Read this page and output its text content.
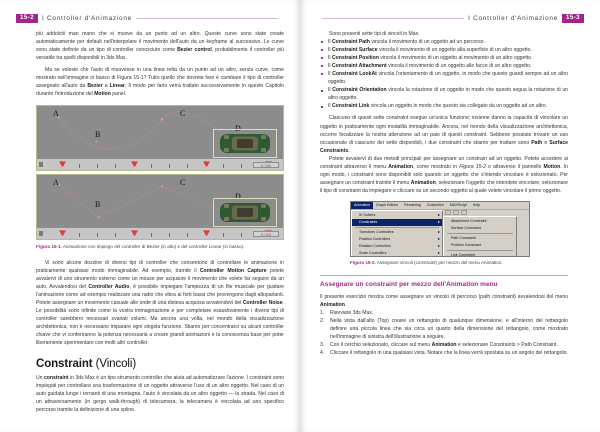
15-2	I Controller d'Animazione

più addolciti man mano che si muove da un punto ad un altro. Queste curve sono state create automaticamente per default nell'interpolare il movimento dell'auto da un keyframe al successivo. Le curve sono state definite da un tipo di controller conosciuto come Bezier control, probabilmente il controller più versatile tra quelli disponibili in 3ds Max.

Ma se voleste che l'auto di muovesse in una linea retta da un punto ad un altro, senza curve, come mostrato nell'immagine in basso di Figura 15-1? Tutto quello che dovrete fare è cambiare il tipo di controller assegnato all'auto da Bezier a Linear. Il modo per farlo verrà trattato successivamente in questo Capitolo durante l'introduzione del Motion panel.

A
B
C
D
0 / 100
A
B
C
D
0 / 100
Figura 15-1. Animazione con impiego del controller di Bezier (in alto) e del controller Linear (in basso).

Vi sono alcune dozzine di diversi tipi di controller che consentono di controllare le animazione in praticamente qualsiasi modo immaginabile. Ad esempio, tramite il Controller Motion Capture potete avvalervi di uno strumento esterno come un mouse per acquisire il movimento che volete far seguire da un auto. Avvalendosi del Controller Audio, è possibile impiegare l'ampiezza di un file musicale per guidare l'animazione come ad esempio realizzare una radio che vibra ai forti bassi che provengono dagli altoparlanti. Potete assegnare un movimento casuale alle onde di una distesa acquosa avvalendovi del Controller Noise. Le possibilità sono infinite come la vostra immaginazione e per completare esaustivamente i diversi tipi di controller sarebbero necessari svariati volumi. Ma ancora una volta, nel mondo della visualizzazione architettonica, non è necessario imparare ogni singola funzione. Stiamo per concentrarci su alcuni controller chiave che vi conferiranno la potenza necessaria a creare grandi animazioni e la conoscenza base per poter liberamente sperimentare con molti altri controller.

Constraint (Vincoli)

Un constraint in 3ds Max è un tipo strumento controller che aiuta ad automatizzare l'azione. I constraint sono impiegati per controllare una trasformazione di un oggetto attraverso l'uso di un altro oggetto. Nel caso di un auto guidata lungo i tornanti di una montagna, l'auto è vincolata da un altro oggetto — la strada. Nel caso di un attraversamento (in gergo walk-through) di telecamera, la telecamera è vincolata ad uno specifico percorso tramite la definizione di una spline.

I Controller d'Animazione	15-3

Sono presenti sette tipi di vincoli in Max.

Il Constraint Path vincola il movimento di un oggetto ad un percorso.
Il Constraint Surface vincola il movimento di un oggetto alla superficie di un altro oggetto.
Il Constraint Position vincola il movimento di un oggetto al movimento di un altro oggetto.
Il Constraint Attachment vincola il movimento di un oggetto alle facce di un altro oggetto.
Il Constraint LookAt vincola l'orientamento di un oggetto, in modo che questo guardi sempre ad un altro oggetto.
Il Constraint Orientation vincola la rotazione di un oggetto in modo che questo segua la rotazione di un altro oggetto.
Il Constraint Link vincola un oggetto in modo che questo sia collegato da un oggetto ad un altro.

Ciascuno di questi sette constraint esegue un'unica funzione; insieme danno la capacità di vincolare un oggetto in praticamente ogni modalità immaginabile. Ancora, nel mondo della visualizzazione architettonica, occorre focalizzare la nostra attenzione ad un paio di questi constraint. Sebbene possiate trovare un uso occasionale di ciascuno dei sette disponibili, i due constraint che stiamo per trattare sono Path e Surface Constraints.

Potete avvalervi di due metodi principali per assegnare un constrain ad un oggetto. Potete accedere ai constraint attraverso il menu Animation, come mostrato in Figura 15-2 o attraverso il pannello Motion. In ogni modo, i constraint sono disponibili solo quando un oggetto che s'intende vincolare è selezionato. Per assegnare un constraint tramite il menu Animation, selezionare l'oggetto che intendete vincolare, selezionare il tipo di constraint da impiegare e cliccare su un secondo oggetto al quale volete vincolare il primo oggetto.

Animation	Graph Editors	Rendering	Customize	MAXScript	Help
IK Solvers
Constraints
Transform Controllers
Position Controllers
Rotation Controllers
Scale Controllers
Attachment Constraint
Surface Constraint
Path Constraint
Position Constraint
Link Constraint
Figura 15-2. Assegnare vincoli (constraint) per mezzo del menu Animation.
Assegnare un constraint per mezzo dell'Animation menu

Il presente esercizio mostra come assegnare un vincolo di percorso (path constraint) avvalendosi del menu Animation.

Riavviare 3ds Max.
Nella vista dall'alto (Top) creare un rettangolo di qualunque dimensione, e all'interno del rettangolo definire una piccola linea che sia circa un quarto della dimensione del rettangolo, come mostrato nell'immagine di sinistra dell'illustrazione a seguire.
Con il cerchio selezionato, cliccare sul menu Animation e selezionare Constraints > Path Constraint.
Cliccare il rettangolo in una qualsiasi vista. Notare che la linea verrà spostata su un angolo del rettangolo.
